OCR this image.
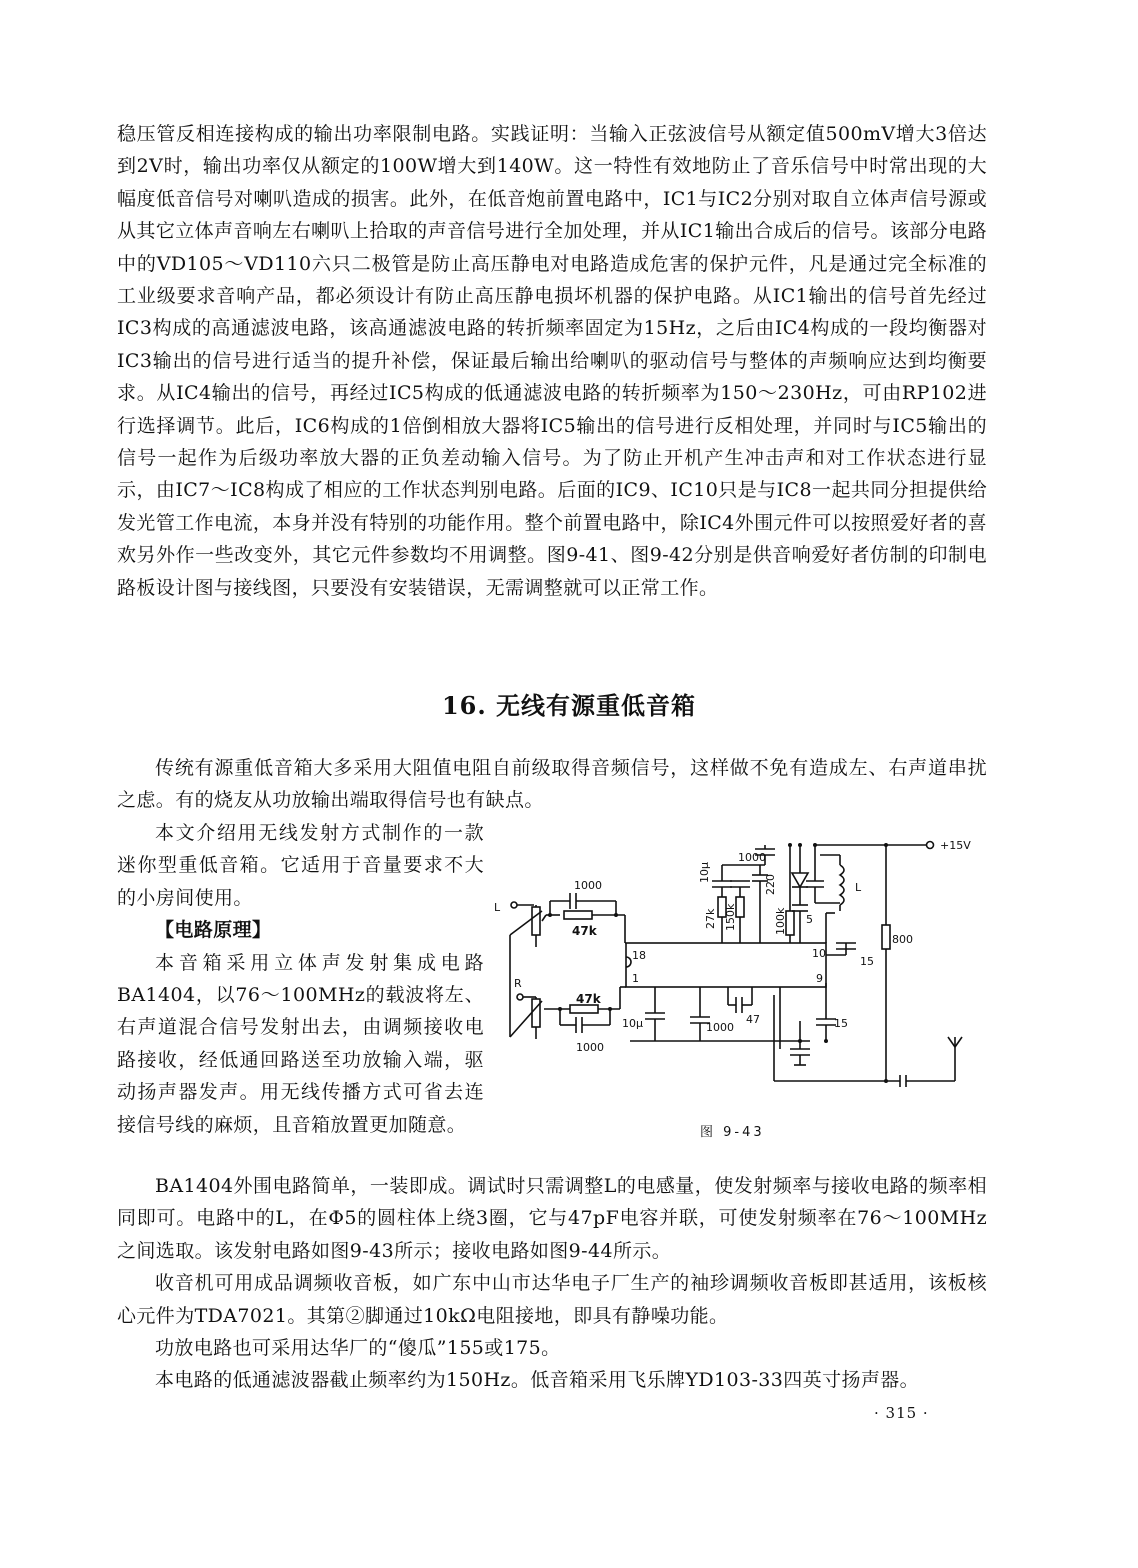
稳压管反相连接构成的输出功率限制电路。实践证明：当输入正弦波信号从额定值500mV增大3倍达到2V时，输出功率仅从额定的100W增大到140W。这一特性有效地防止了音乐信号中时常出现的大幅度低音信号对喇叭造成的损害。此外，在低音炮前置电路中，IC1与IC2分别对取自立体声信号源或从其它立体声音响左右喇叭上拾取的声音信号进行全加处理，并从IC1输出合成后的信号。该部分电路中的VD105～VD110六只二极管是防止高压静电对电路造成危害的保护元件，凡是通过完全标准的工业级要求音响产品，都必须设计有防止高压静电损坏机器的保护电路。从IC1输出的信号首先经过IC3构成的高通滤波电路，该高通滤波电路的转折频率固定为15Hz，之后由IC4构成的一段均衡器对IC3输出的信号进行适当的提升补偿，保证最后输出给喇叭的驱动信号与整体的声频响应达到均衡要求。从IC4输出的信号，再经过IC5构成的低通滤波电路的转折频率为150～230Hz，可由RP102进行选择调节。此后，IC6构成的1倍倒相放大器将IC5输出的信号进行反相处理，并同时与IC5输出的信号一起作为后级功率放大器的正负差动输入信号。为了防止开机产生冲击声和对工作状态进行显示，由IC7～IC8构成了相应的工作状态判别电路。后面的IC9、IC10只是与IC8一起共同分担提供给发光管工作电流，本身并没有特别的功能作用。整个前置电路中，除IC4外围元件可以按照爱好者的喜欢另外作一些改变外，其它元件参数均不用调整。图9-41、图9-42分别是供音响爱好者仿制的印制电路板设计图与接线图，只要没有安装错误，无需调整就可以正常工作。

16. 无线有源重低音箱

传统有源重低音箱大多采用大阻值电阻自前级取得音频信号，这样做不免有造成左、右声道串扰之虑。有的烧友从功放输出端取得信号也有缺点。

本文介绍用无线发射方式制作的一款迷你型重低音箱。它适用于音量要求不大的小房间使用。

【电路原理】

本音箱采用立体声发射集成电路BA1404，以76～100MHz的载波将左、右声道混合信号发射出去，由调频接收电路接收，经低通回路送至功放输入端，驱动扬声器发声。用无线传播方式可省去连接信号线的麻烦，且音箱放置更加随意。

+15V
L
R
L
1000
47k
47k
1000
10μ
1000
220
27k 150k	100k 5
18
1
10
9
15
15
800
10μ	1000
47
图 9-43

BA1404外围电路简单，一装即成。调试时只需调整L的电感量，使发射频率与接收电路的频率相同即可。电路中的L，在Φ5的圆柱体上绕3圈，它与47pF电容并联，可使发射频率在76～100MHz之间选取。该发射电路如图9-43所示；接收电路如图9-44所示。

收音机可用成品调频收音板，如广东中山市达华电子厂生产的袖珍调频收音板即甚适用，该板核心元件为TDA7021。其第②脚通过10kΩ电阻接地，即具有静噪功能。

功放电路也可采用达华厂的“傻瓜”155或175。

本电路的低通滤波器截止频率约为150Hz。低音箱采用飞乐牌YD103-33四英寸扬声器。

· 315 ·
